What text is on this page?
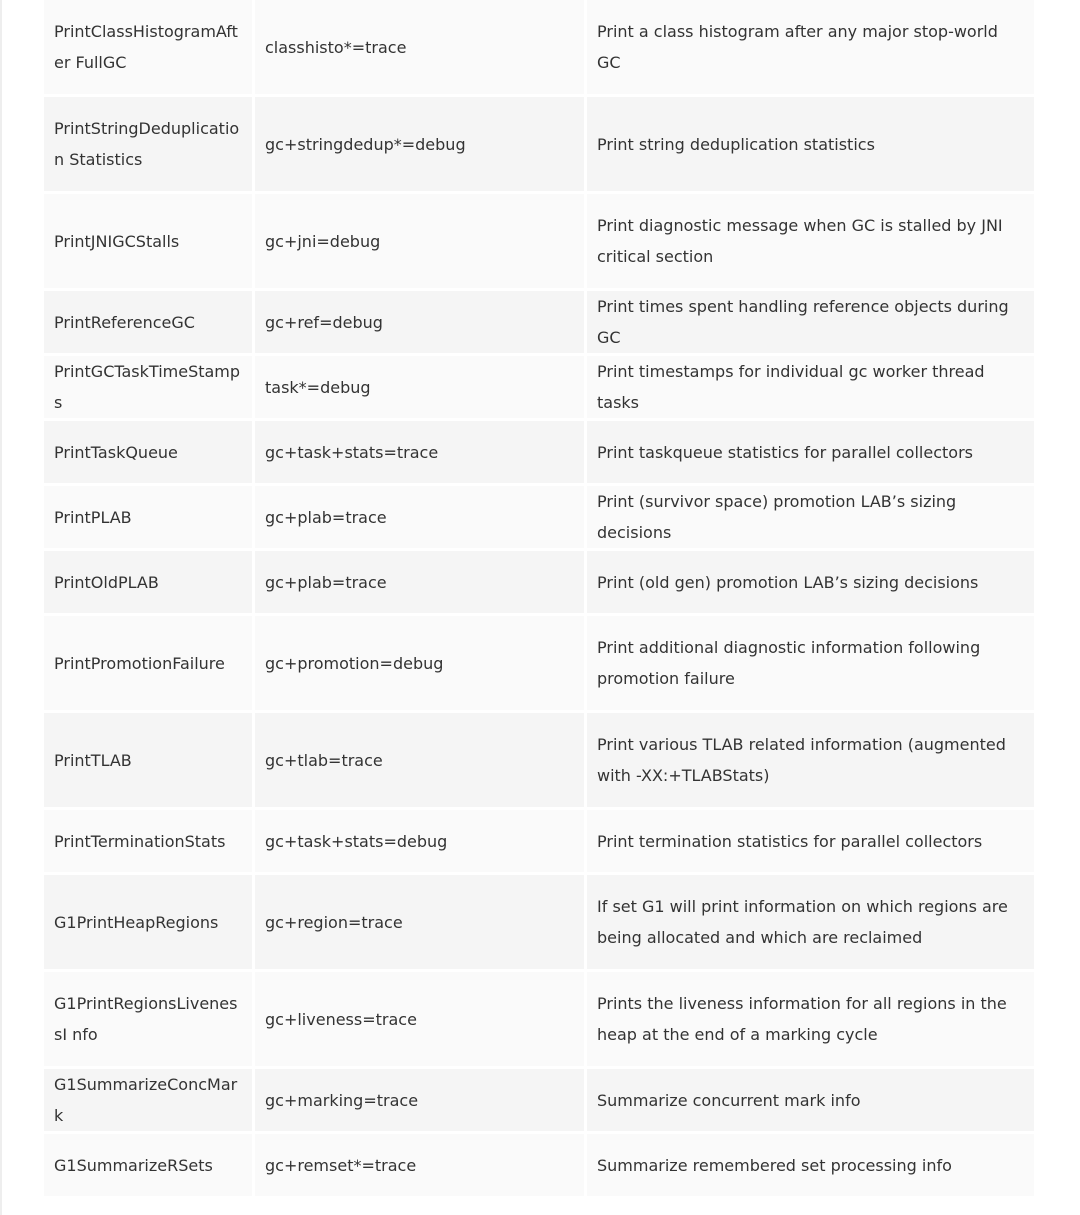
PrintClassHistogramAfter FullGC	classhisto*=trace	Print a class histogram after any major stop-world GC
PrintStringDeduplication Statistics	gc+stringdedup*=debug	Print string deduplication statistics
PrintJNIGCStalls	gc+jni=debug	Print diagnostic message when GC is stalled by JNI critical section
PrintReferenceGC	gc+ref=debug	Print times spent handling reference objects during GC
PrintGCTaskTimeStamps	task*=debug	Print timestamps for individual gc worker thread tasks
PrintTaskQueue	gc+task+stats=trace	Print taskqueue statistics for parallel collectors
PrintPLAB	gc+plab=trace	Print (survivor space) promotion LAB’s sizing decisions
PrintOldPLAB	gc+plab=trace	Print (old gen) promotion LAB’s sizing decisions
PrintPromotionFailure	gc+promotion=debug	Print additional diagnostic information following promotion failure
PrintTLAB	gc+tlab=trace	Print various TLAB related information (augmented with -XX:+TLABStats)
PrintTerminationStats	gc+task+stats=debug	Print termination statistics for parallel collectors
G1PrintHeapRegions	gc+region=trace	If set G1 will print information on which regions are being allocated and which are reclaimed
G1PrintRegionsLivenessI nfo	gc+liveness=trace	Prints the liveness information for all regions in the heap at the end of a marking cycle
G1SummarizeConcMark	gc+marking=trace	Summarize concurrent mark info
G1SummarizeRSets	gc+remset*=trace	Summarize remembered set processing info
